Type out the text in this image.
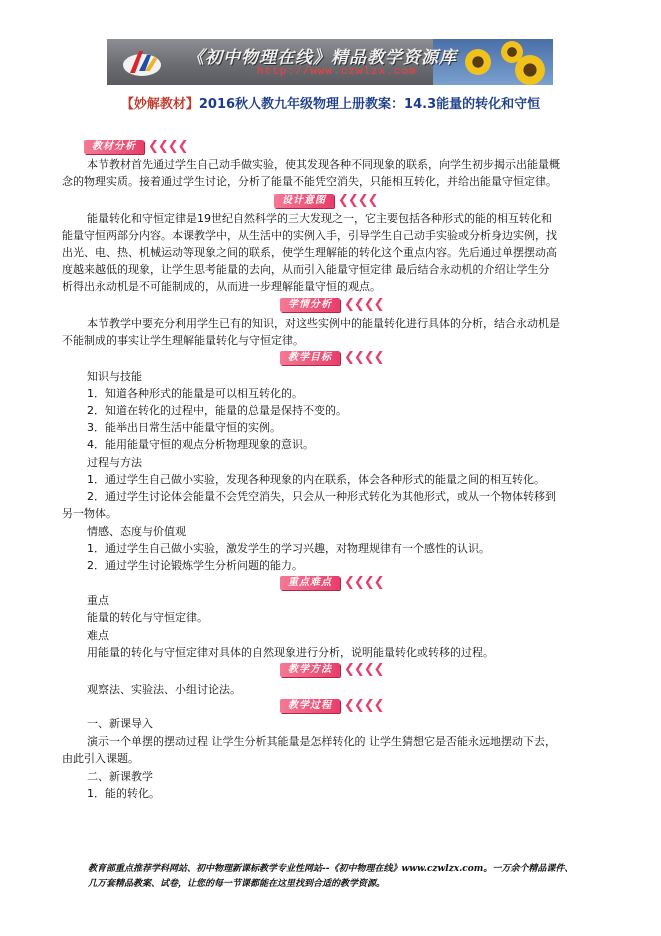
《初中物理在线》精品教学资源库
http://www.czwlzx.com
【妙解教材】2016秋人教九年级物理上册教案：14.3能量的转化和守恒
教材分析 ❮❮❮❮
本节教材首先通过学生自己动手做实验，使其发现各种不同现象的联系，向学生初步揭示出能量概
念的物理实质。接着通过学生讨论，分析了能量不能凭空消失，只能相互转化，并给出能量守恒定律。
设计意图 ❮❮❮❮
能量转化和守恒定律是19世纪自然科学的三大发现之一，它主要包括各种形式的能的相互转化和
能量守恒两部分内容。本课教学中，从生活中的实例入手，引导学生自己动手实验或分析身边实例，找
出光、电、热、机械运动等现象之间的联系，使学生理解能的转化这个重点内容。先后通过单摆摆动高
度越来越低的现象，让学生思考能量的去向，从而引入能量守恒定律 最后结合永动机的介绍让学生分
析得出永动机是不可能制成的，从而进一步理解能量守恒的观点。
学情分析 ❮❮❮❮
本节教学中要充分利用学生已有的知识，对这些实例中的能量转化进行具体的分析，结合永动机是
不能制成的事实让学生理解能量转化与守恒定律。
教学目标 ❮❮❮❮
知识与技能
1．知道各种形式的能量是可以相互转化的。
2．知道在转化的过程中，能量的总量是保持不变的。
3．能举出日常生活中能量守恒的实例。
4．能用能量守恒的观点分析物理现象的意识。
过程与方法
1．通过学生自己做小实验，发现各种现象的内在联系，体会各种形式的能量之间的相互转化。
2．通过学生讨论体会能量不会凭空消失，只会从一种形式转化为其他形式，或从一个物体转移到
另一物体。
情感、态度与价值观
1．通过学生自己做小实验，激发学生的学习兴趣，对物理规律有一个感性的认识。
2．通过学生讨论锻炼学生分析问题的能力。
重点难点 ❮❮❮❮
重点
能量的转化与守恒定律。
难点
用能量的转化与守恒定律对具体的自然现象进行分析，说明能量转化或转移的过程。
教学方法 ❮❮❮❮
观察法、实验法、小组讨论法。
教学过程 ❮❮❮❮
一、新课导入
演示一个单摆的摆动过程 让学生分析其能量是怎样转化的 让学生猜想它是否能永远地摆动下去，
由此引入课题。
二、新课教学
1．能的转化。
教育部重点推荐学科网站、初中物理新课标教学专业性网站--《初中物理在线》www.czwlzx.com。一万余个精品课件、
几万套精品教案、试卷，让您的每一节课都能在这里找到合适的教学资源。
